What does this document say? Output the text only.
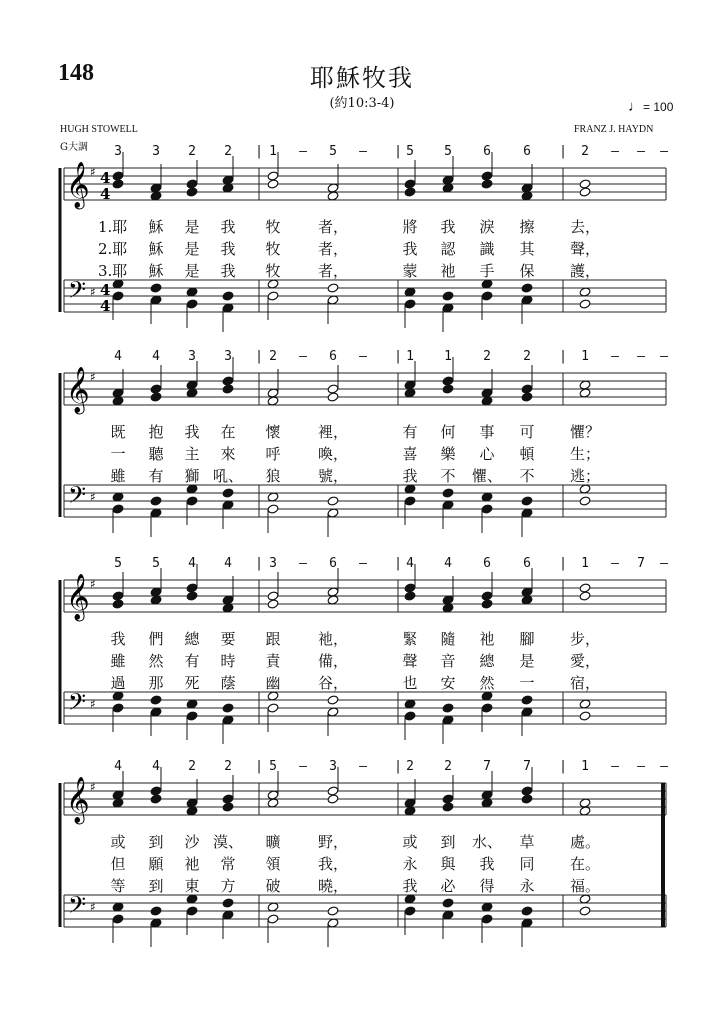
148	耶穌牧我
(約10:3-4)	♩= 100
HUGH STOWELL
G大調
FRANZ J. HAYDN
𝄞
𝄢
♯
♯
4
4
4
4
𝄞
𝄢
♯
♯
𝄞
𝄢
♯
♯
𝄞
𝄢
♯
♯
3 3 2 2 | 1 – 5 – | 5 5 6 6 | 2 – – –
1.耶 穌 是 我 牧 者，	將 我 淚 擦 去，
2.耶 穌 是 我 牧 者，	我 認 識 其 聲，
3.耶 穌 是 我 牧 者，	蒙 祂 手 保 護，
4 4 3 3 | 2 – 6 – | 1 1 2 2 | 1 – – –
既 抱 我 在 懷 裡，	有 何 事 可 懼？
一 聽 主 來 呼 喚，	喜 樂 心 頓 生；
雖 有 獅 吼、 狼 號，	我 不 懼、 不 逃；
5 5 4 4 | 3 – 6 – | 4 4 6 6 | 1 – 7 –
我 們 總 要 跟 祂，	緊 隨 祂 腳 步，
雖 然 有 時 責 備，	聲 音 總 是 愛，
過 那 死 蔭 幽 谷，	也 安 然 一 宿，
4 4 2 2 | 5 – 3 – | 2 2 7 7 | 1 – – –
或 到 沙 漠、 曠 野，	或 到 水、 草 處。
但 願 祂 常 領 我，	永 與 我 同 在。
等 到 東 方 破 曉，	我 必 得 永 福。
